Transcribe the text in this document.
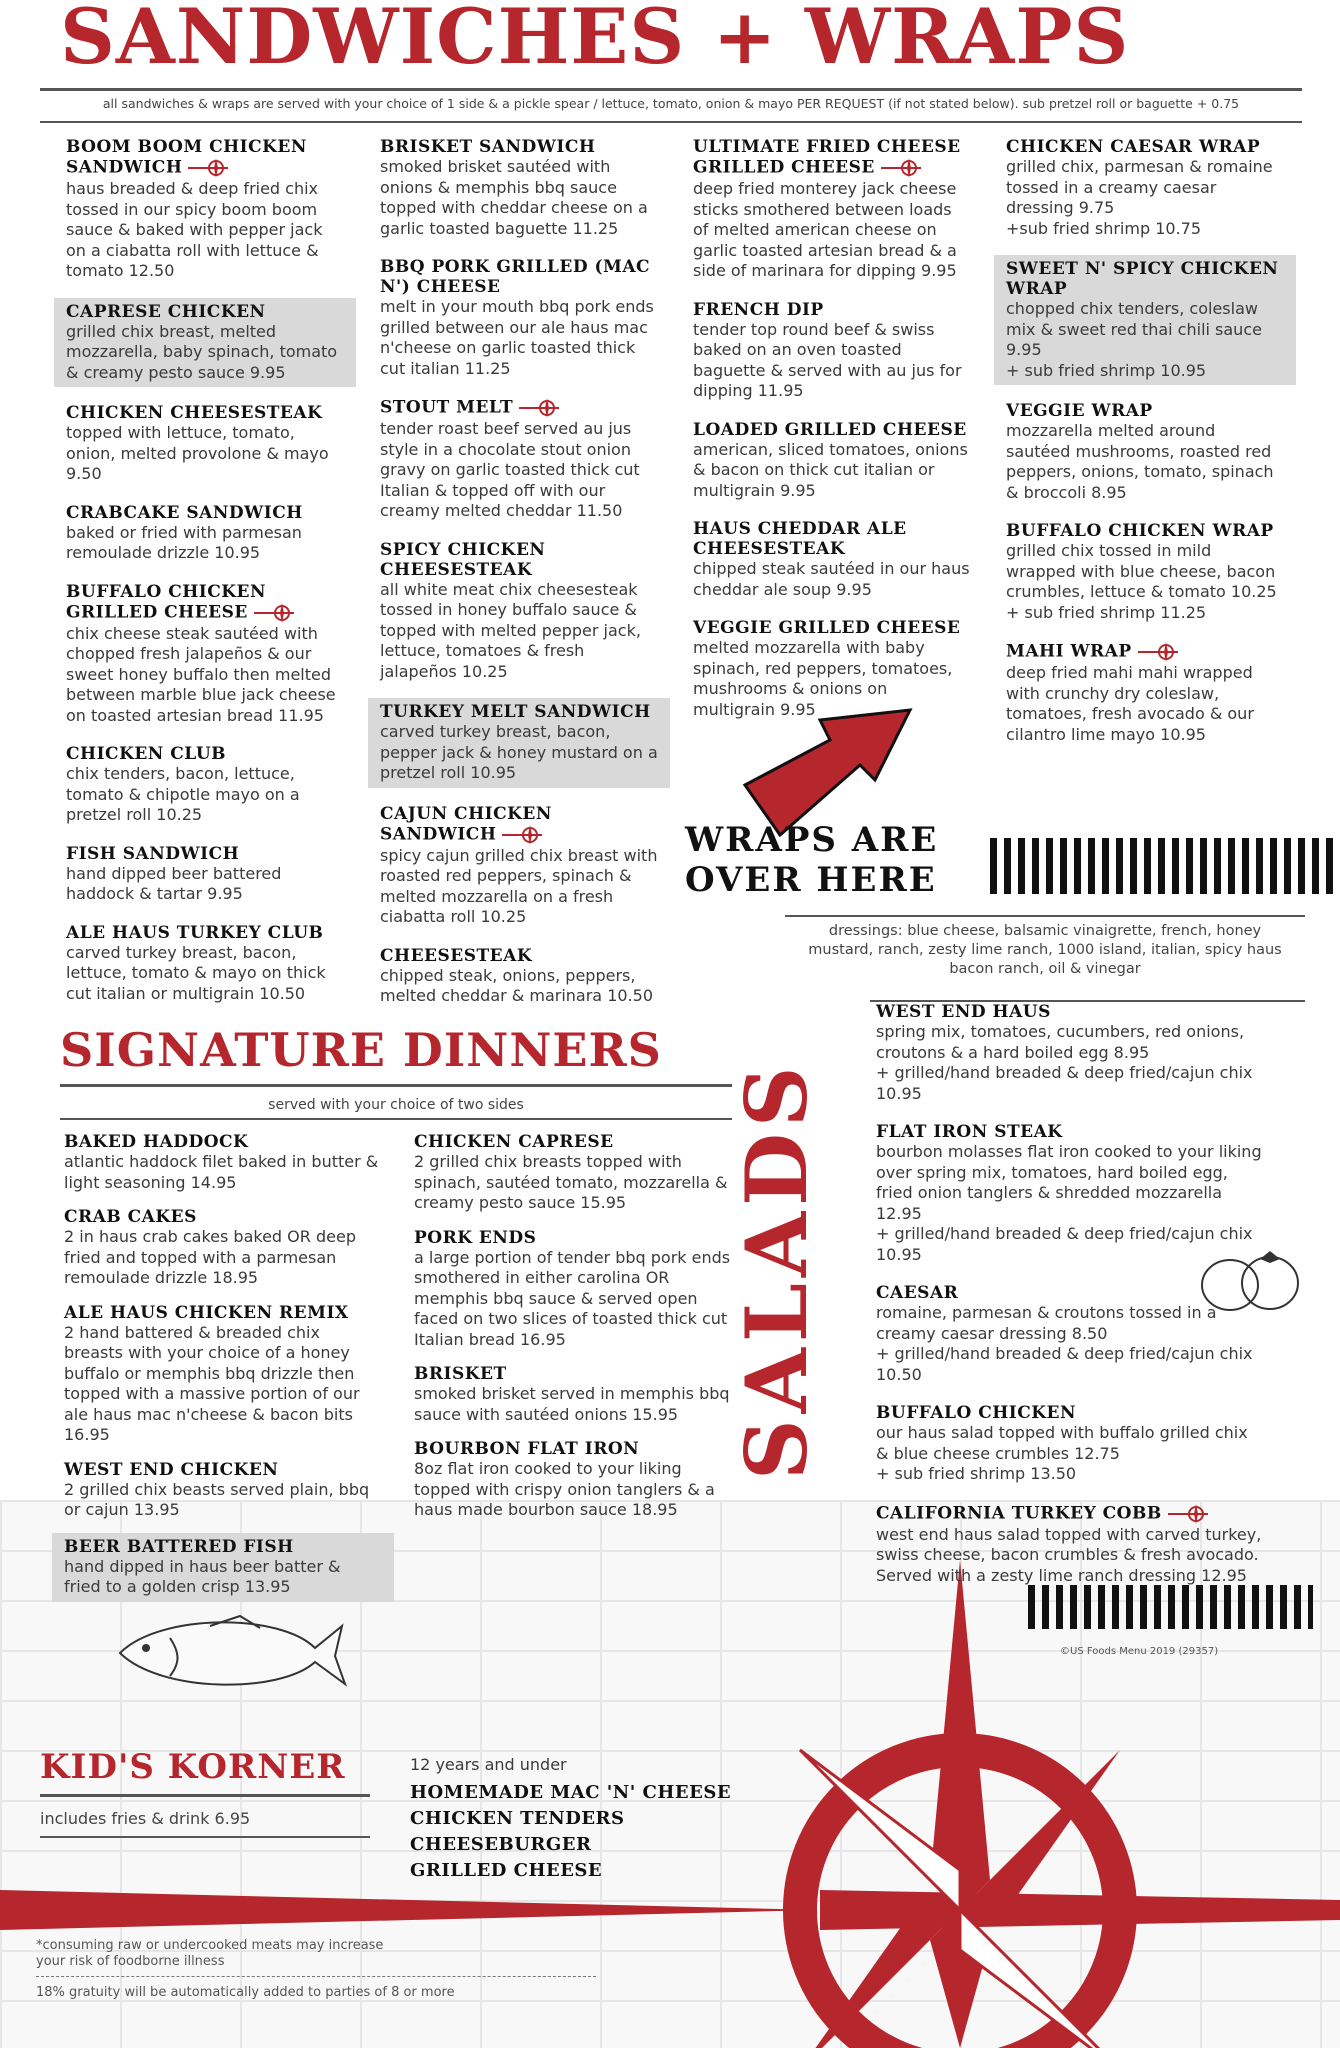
SANDWICHES + WRAPS
all sandwiches & wraps are served with your choice of 1 side & a pickle spear / lettuce, tomato, onion & mayo PER REQUEST (if not stated below). sub pretzel roll or baguette + 0.75
BOOM BOOM CHICKEN SANDWICH
haus breaded & deep fried chix tossed in our spicy boom boom sauce & baked with pepper jack on a ciabatta roll with lettuce & tomato 12.50
CAPRESE CHICKEN
grilled chix breast, melted mozzarella, baby spinach, tomato & creamy pesto sauce 9.95
CHICKEN CHEESESTEAK
topped with lettuce, tomato, onion, melted provolone & mayo 9.50
CRABCAKE SANDWICH
baked or fried with parmesan remoulade drizzle 10.95
BUFFALO CHICKEN GRILLED CHEESE
chix cheese steak sautéed with chopped fresh jalapeños & our sweet honey buffalo then melted between marble blue jack cheese on toasted artesian bread 11.95
CHICKEN CLUB
chix tenders, bacon, lettuce, tomato & chipotle mayo on a pretzel roll 10.25
FISH SANDWICH
hand dipped beer battered haddock & tartar 9.95
ALE HAUS TURKEY CLUB
carved turkey breast, bacon, lettuce, tomato & mayo on thick cut italian or multigrain 10.50
BRISKET SANDWICH
smoked brisket sautéed with onions & memphis bbq sauce topped with cheddar cheese on a garlic toasted baguette 11.25
BBQ PORK GRILLED (MAC N') CHEESE
melt in your mouth bbq pork ends grilled between our ale haus mac n'cheese on garlic toasted thick cut italian 11.25
STOUT MELT
tender roast beef served au jus style in a chocolate stout onion gravy on garlic toasted thick cut Italian & topped off with our creamy melted cheddar 11.50
SPICY CHICKEN CHEESESTEAK
all white meat chix cheesesteak tossed in honey buffalo sauce & topped with melted pepper jack, lettuce, tomatoes & fresh jalapeños 10.25
TURKEY MELT SANDWICH
carved turkey breast, bacon, pepper jack & honey mustard on a pretzel roll 10.95
CAJUN CHICKEN SANDWICH
spicy cajun grilled chix breast with roasted red peppers, spinach & melted mozzarella on a fresh ciabatta roll 10.25
CHEESESTEAK
chipped steak, onions, peppers, melted cheddar & marinara 10.50
ULTIMATE FRIED CHEESE GRILLED CHEESE
deep fried monterey jack cheese sticks smothered between loads of melted american cheese on garlic toasted artesian bread & a side of marinara for dipping 9.95
FRENCH DIP
tender top round beef & swiss baked on an oven toasted baguette & served with au jus for dipping 11.95
LOADED GRILLED CHEESE
american, sliced tomatoes, onions & bacon on thick cut italian or multigrain 9.95
HAUS CHEDDAR ALE CHEESESTEAK
chipped steak sautéed in our haus cheddar ale soup 9.95
VEGGIE GRILLED CHEESE
melted mozzarella with baby spinach, red peppers, tomatoes, mushrooms & onions on multigrain 9.95
CHICKEN CAESAR WRAP
grilled chix, parmesan & romaine tossed in a creamy caesar dressing 9.75
+sub fried shrimp 10.75
SWEET N' SPICY CHICKEN WRAP
chopped chix tenders, coleslaw mix & sweet red thai chili sauce 9.95
+ sub fried shrimp 10.95
VEGGIE WRAP
mozzarella melted around sautéed mushrooms, roasted red peppers, onions, tomato, spinach & broccoli 8.95
BUFFALO CHICKEN WRAP
grilled chix tossed in mild wrapped with blue cheese, bacon crumbles, lettuce & tomato 10.25
+ sub fried shrimp 11.25
MAHI WRAP
deep fried mahi mahi wrapped with crunchy dry coleslaw, tomatoes, fresh avocado & our cilantro lime mayo 10.95
WRAPS ARE
OVER HERE
dressings: blue cheese, balsamic vinaigrette, french, honey mustard, ranch, zesty lime ranch, 1000 island, italian, spicy haus bacon ranch, oil & vinegar
SALADS
WEST END HAUS
spring mix, tomatoes, cucumbers, red onions, croutons & a hard boiled egg 8.95
+ grilled/hand breaded & deep fried/cajun chix 10.95
FLAT IRON STEAK
bourbon molasses flat iron cooked to your liking over spring mix, tomatoes, hard boiled egg, fried onion tanglers & shredded mozzarella 12.95
+ grilled/hand breaded & deep fried/cajun chix 10.95
CAESAR
romaine, parmesan & croutons tossed in a creamy caesar dressing 8.50
+ grilled/hand breaded & deep fried/cajun chix 10.50
BUFFALO CHICKEN
our haus salad topped with buffalo grilled chix & blue cheese crumbles 12.75
+ sub fried shrimp 13.50
CALIFORNIA TURKEY COBB
west end haus salad topped with carved turkey, swiss cheese, bacon crumbles & fresh avocado. Served with a zesty lime ranch dressing 12.95
©US Foods Menu 2019 (29357)
SIGNATURE DINNERS
served with your choice of two sides
BAKED HADDOCK
atlantic haddock filet baked in butter & light seasoning 14.95
CRAB CAKES
2 in haus crab cakes baked OR deep fried and topped with a parmesan remoulade drizzle 18.95
ALE HAUS CHICKEN REMIX
2 hand battered & breaded chix breasts with your choice of a honey buffalo or memphis bbq drizzle then topped with a massive portion of our ale haus mac n'cheese & bacon bits 16.95
WEST END CHICKEN
2 grilled chix beasts served plain, bbq or cajun 13.95
BEER BATTERED FISH
hand dipped in haus beer batter & fried to a golden crisp 13.95
CHICKEN CAPRESE
2 grilled chix breasts topped with spinach, sautéed tomato, mozzarella & creamy pesto sauce 15.95
PORK ENDS
a large portion of tender bbq pork ends smothered in either carolina OR memphis bbq sauce & served open faced on two slices of toasted thick cut Italian bread 16.95
BRISKET
smoked brisket served in memphis bbq sauce with sautéed onions 15.95
BOURBON FLAT IRON
8oz flat iron cooked to your liking topped with crispy onion tanglers & a haus made bourbon sauce 18.95
KID'S KORNER
includes fries & drink 6.95
12 years and under
HOMEMADE MAC 'N' CHEESE
CHICKEN TENDERS
CHEESEBURGER
GRILLED CHEESE
*consuming raw or undercooked meats may increase your risk of foodborne illness
18% gratuity will be automatically added to parties of 8 or more
